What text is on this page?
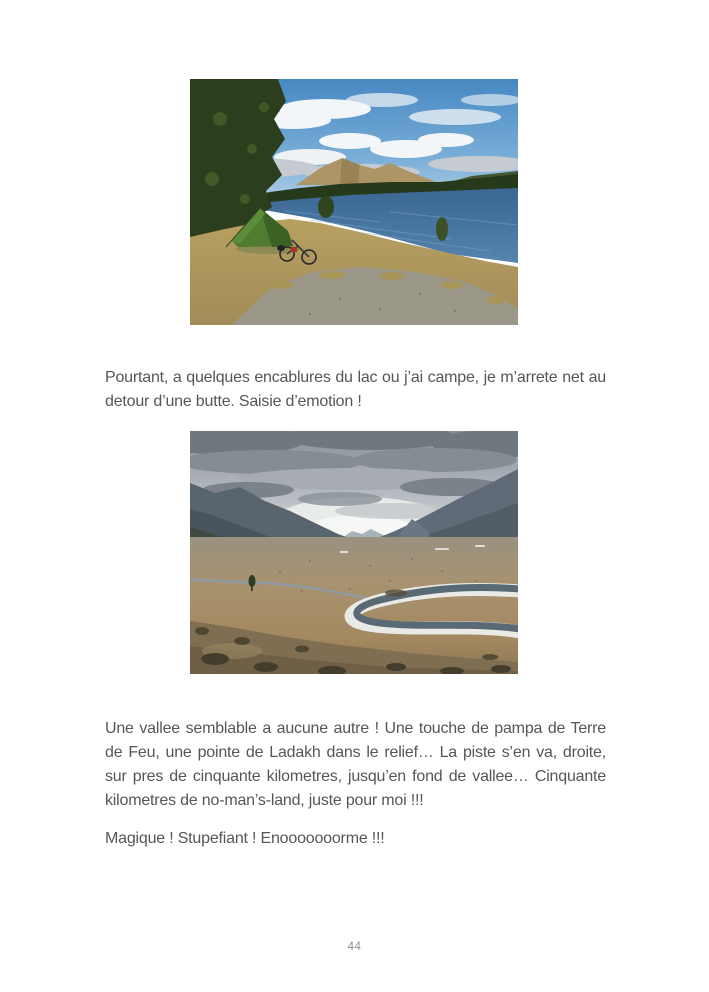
Pourtant, a quelques encablures du lac ou j’ai campe, je m’arrete net au detour d’une butte. Saisie d’emotion !

Une vallee semblable a aucune autre ! Une touche de pampa de Terre de Feu, une pointe de Ladakh dans le relief… La piste s’en va, droite, sur pres de cinquante kilometres, jusqu’en fond de vallee… Cinquante kilometres de no-man’s-land, juste pour moi !!!

Magique ! Stupefiant ! Enooooooorme !!!

44
